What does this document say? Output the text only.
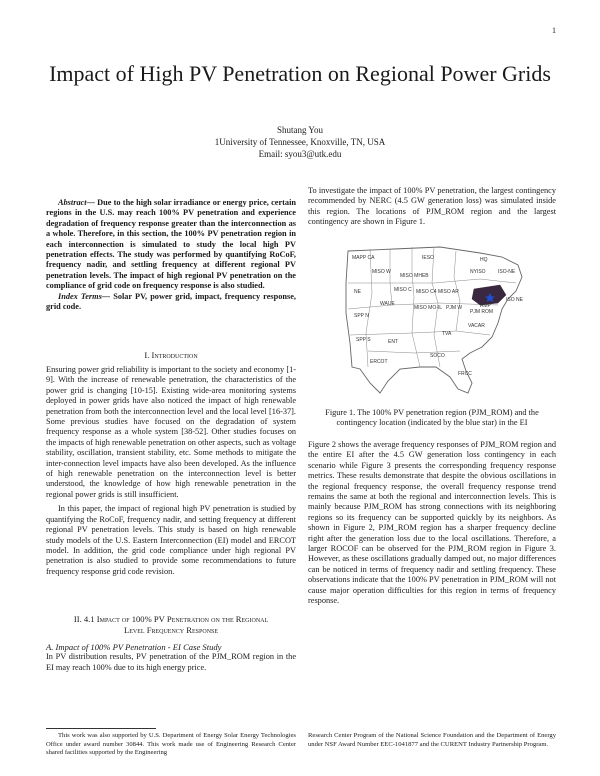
1
Impact of High PV Penetration on Regional Power Grids
Shutang You
1University of Tennessee, Knoxville, TN, USA
Email: syou3@utk.edu

Abstract— Due to the high solar irradiance or energy price, certain regions in the U.S. may reach 100% PV penetration and experience degradation of frequency response greater than the interconnection as a whole. Therefore, in this section, the 100% PV penetration region in each interconnection is simulated to study the local high PV penetration effects. The study was performed by quantifying RoCoF, frequency nadir, and settling frequency at different regional PV penetration levels. The impact of high regional PV penetration on the compliance of grid code on frequency response is also studied.

Index Terms— Solar PV, power grid, impact, frequency response, grid code.

I. Introduction

Ensuring power grid reliability is important to the society and economy [1-9]. With the increase of renewable penetration, the characteristics of the power grid is changing [10-15]. Existing wide-area monitoring systems deployed in power grids have also noticed the impact of high renewable penetration from both the interconnection level and the local level [16-37]. Some previous studies have focused on the degradation of system frequency response as a whole system [38-52]. Other studies focuses on the impacts of high renewable penetration on other aspects, such as voltage stability, oscillation, transient stability, etc. Some methods to mitigate the inter-connection level impacts have also been developed. As the influence of high renewable penetration on the interconnection level is better understood, the knowledge of how high renewable penetration in the regional power grids is still insufficient.

In this paper, the impact of regional high PV penetration is studied by quantifying the RoCoF, frequency nadir, and setting frequency at different regional PV penetration levels. This study is based on high renewable study models of the U.S. Eastern Interconnection (EI) model and ERCOT model. In addition, the grid code compliance under high regional PV penetration is also studied to provide some recommendations to future frequency response grid code revision.

II. 4.1 Impact of 100% PV Penetration on the Regional
Level Frequency Response
A. Impact of 100% PV Penetration - EI Case Study

In PV distribution results, PV penetration of the PJM_ROM region in the EI may reach 100% due to its high energy price.

To investigate the impact of 100% PV penetration, the largest contingency recommended by NERC (4.5 GW generation loss) was simulated inside this region. The locations of PJM_ROM region and the largest contingency are shown in Figure 1.
MAPP CA	IESO	HQ
MISO W
MISO MHEB
NYISO ISO-NE
MISO C MISO C4 MISO AR
PJM ROM
ISO NE
NE
SPP N
SPP S	ENT
TVA
VACAR
SOCO
ERCOT
FRCC
MISO MO-IL PJM W	AMP
WAUE
Figure 1. The 100% PV penetration region (PJM_ROM) and the contingency location (indicated by the blue star) in the EI
Figure 2 shows the average frequency responses of PJM_ROM region and the entire EI after the 4.5 GW generation loss contingency in each scenario while Figure 3 presents the corresponding frequency response metrics. These results demonstrate that despite the obvious oscillations in the regional frequency response, the overall frequency response trend remains the same at both the regional and interconnection levels. This is mainly because PJM_ROM has strong connections with its neighboring regions so its frequency can be supported quickly by its neighbors. As shown in Figure 2, PJM_ROM region has a sharper frequency decline right after the generation loss due to the local oscillations. Therefore, a larger ROCOF can be observed for the PJM_ROM region in Figure 3. However, as these oscillations gradually damped out, no major differences can be noticed in terms of frequency nadir and settling frequency. These observations indicate that the 100% PV penetration in PJM_ROM will not cause major operation difficulties for this region in terms of frequency response.
This work was also supported by U.S. Department of Energy Solar Energy Technologies Office under award number 30844. This work made use of Engineering Research Center shared facilities supported by the Engineering
Research Center Program of the National Science Foundation and the Department of Energy under NSF Award Number EEC-1041877 and the CURENT Industry Partnership Program.
